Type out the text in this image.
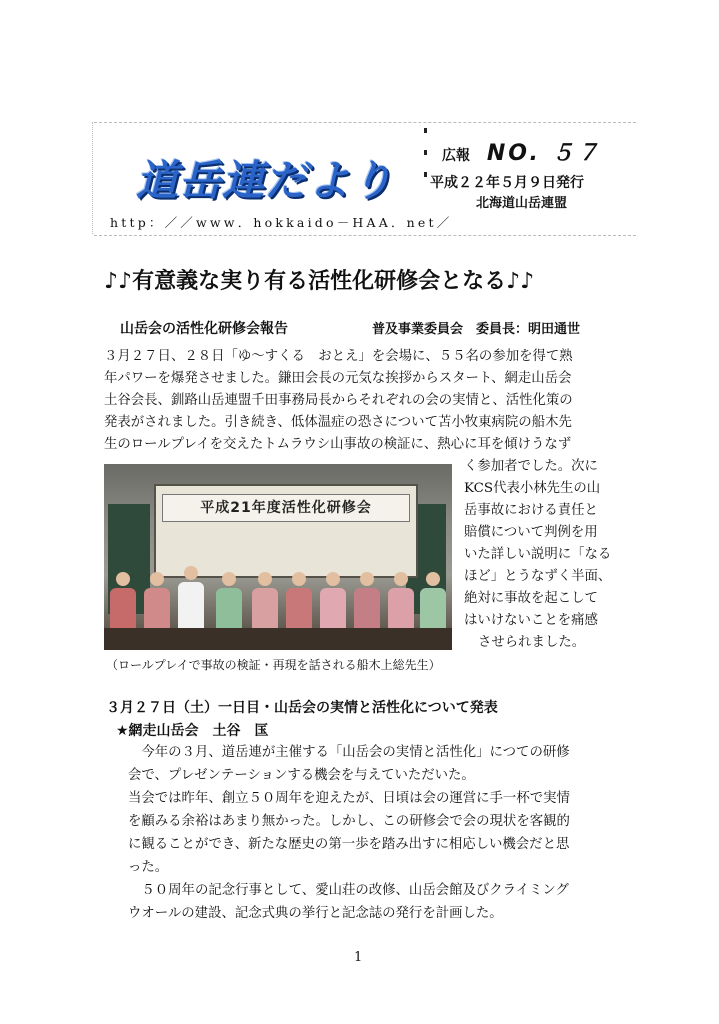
道岳連だより	広報 NO. ５７
平成２２年５月９日発行
北海道山岳連盟
http：／／www．hokkaido－HAA．net／
♪♪有意義な実り有る活性化研修会となる♪♪
山岳会の活性化研修会報告	普及事業委員会　委員長：明田通世
３月２７日、２８日「ゆ～すくる　おとえ」を会場に、５５名の参加を得て熟
年パワーを爆発させました。鎌田会長の元気な挨拶からスタート、網走山岳会
土谷会長、釧路山岳連盟千田事務局長からそれぞれの会の実情と、活性化策の
発表がされました。引き続き、低体温症の恐さについて苫小牧東病院の船木先
生のロールプレイを交えたトムラウシ山事故の検証に、熱心に耳を傾けうなず
く参加者でした。次に
KCS代表小林先生の山
岳事故における責任と
賠償について判例を用
いた詳しい説明に「なる
ほど」とうなずく半面、
絶対に事故を起こして
はいけないことを痛感
させられました。
平成21年度活性化研修会
（ロールプレイで事故の検証・再現を話される船木上総先生）
３月２７日（土）一日目・山岳会の実情と活性化について発表
★網走山岳会　土谷　匤
　今年の３月、道岳連が主催する「山岳会の実情と活性化」につての研修
会で、プレゼンテーションする機会を与えていただいた。
当会では昨年、創立５０周年を迎えたが、日頃は会の運営に手一杯で実情
を顧みる余裕はあまり無かった。しかし、この研修会で会の現状を客観的
に観ることができ、新たな歴史の第一歩を踏み出すに相応しい機会だと思
った。
　５０周年の記念行事として、愛山荘の改修、山岳会館及びクライミング
ウオールの建設、記念式典の挙行と記念誌の発行を計画した。
1
